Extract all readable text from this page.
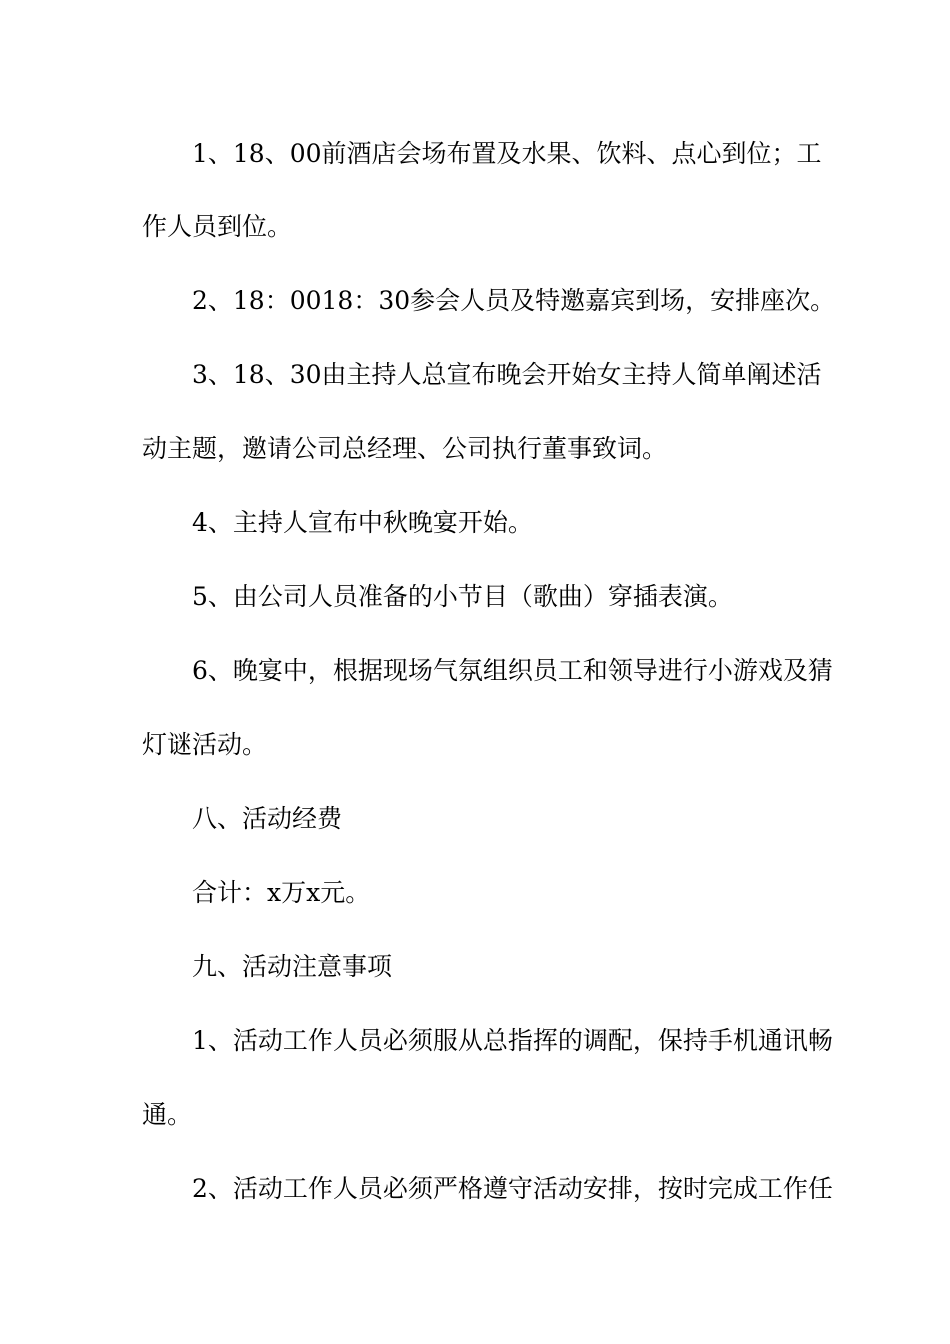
1、18、00前酒店会场布置及水果、饮料、点心到位；工

作人员到位。

2、18：0018：30参会人员及特邀嘉宾到场，安排座次。

3、18、30由主持人总宣布晚会开始女主持人简单阐述活

动主题，邀请公司总经理、公司执行董事致词。

4、主持人宣布中秋晚宴开始。

5、由公司人员准备的小节目（歌曲）穿插表演。

6、晚宴中，根据现场气氛组织员工和领导进行小游戏及猜

灯谜活动。

八、活动经费

合计：x万x元。

九、活动注意事项

1、活动工作人员必须服从总指挥的调配，保持手机通讯畅

通。

2、活动工作人员必须严格遵守活动安排，按时完成工作任
